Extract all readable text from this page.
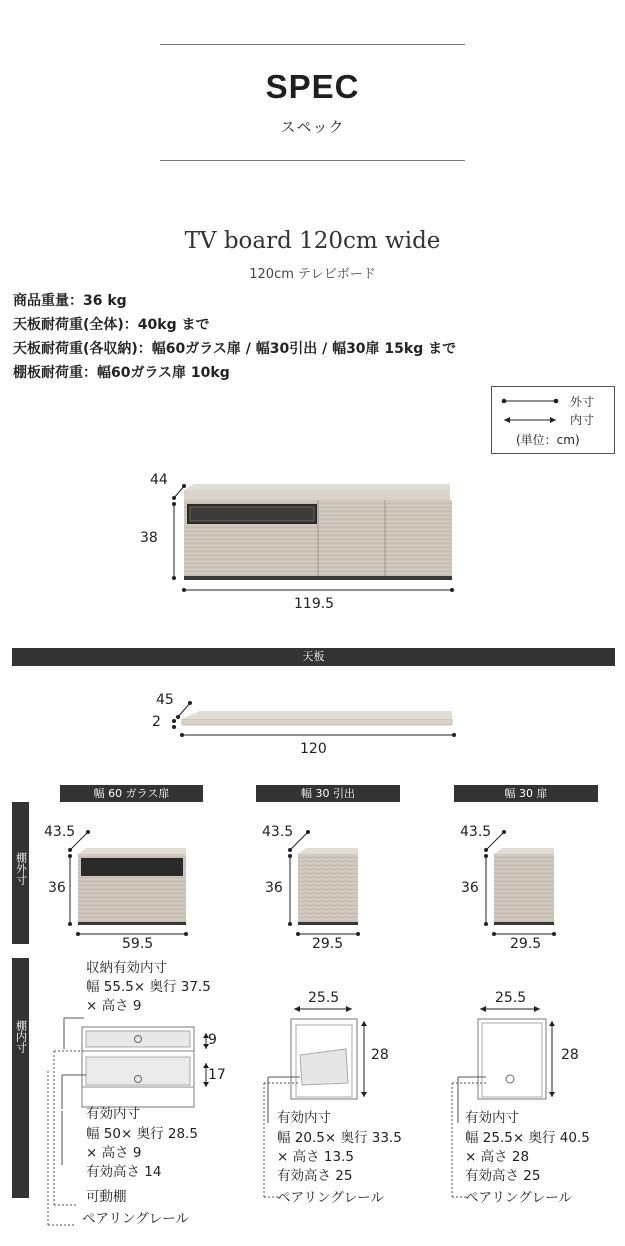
SPEC
スペック
TV board 120cm wide
120cm テレビボード
商品重量：36 kg
天板耐荷重(全体)：40kg まで
天板耐荷重(各収納)：幅60ガラス扉 / 幅30引出 / 幅30扉 15kg まで
棚板耐荷重：幅60ガラス扉 10kg
外寸
内寸
(単位：cm)
44
38
119.5
天板
45
2
120
幅 60 ガラス扉	幅 30 引出	幅 30 扉
棚外寸
棚内寸
43.5
36
59.5
43.5
36
29.5
43.5
36
29.5
収納有効内寸
幅 55.5× 奥行 37.5
× 高さ 9
9
17
有効内寸
幅 50× 奥行 28.5
× 高さ 9
有効高さ 14
可動棚
ペアリングレール
25.5
28
有効内寸
幅 20.5× 奥行 33.5
× 高さ 13.5
有効高さ 25
ペアリングレール
25.5
28
有効内寸
幅 25.5× 奥行 40.5
× 高さ 28
有効高さ 25
ペアリングレール
